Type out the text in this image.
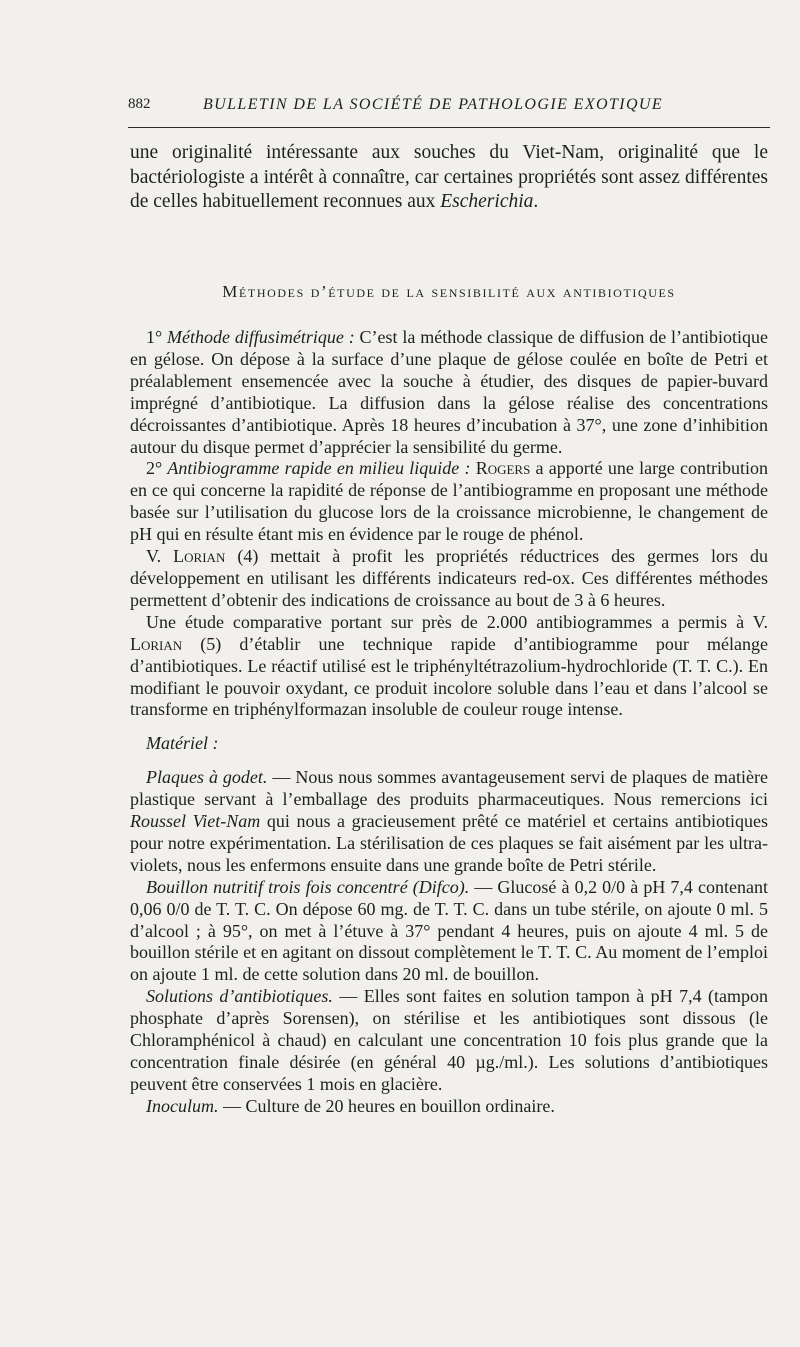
882	BULLETIN DE LA SOCIÉTÉ DE PATHOLOGIE EXOTIQUE

une originalité intéressante aux souches du Viet-Nam, originalité que le bactériologiste a intérêt à connaître, car certaines propriétés sont assez différentes de celles habituellement reconnues aux Escherichia.

Méthodes d’étude de la sensibilité aux antibiotiques

1° Méthode diffusimétrique : C’est la méthode classique de diffusion de l’antibiotique en gélose. On dépose à la surface d’une plaque de gélose coulée en boîte de Petri et préalablement ensemencée avec la souche à étudier, des disques de papier-buvard imprégné d’antibiotique. La diffusion dans la gélose réalise des concentrations décroissantes d’antibiotique. Après 18 heures d’incubation à 37°, une zone d’inhibition autour du disque permet d’apprécier la sensibilité du germe.

2° Antibiogramme rapide en milieu liquide : Rogers a apporté une large contribution en ce qui concerne la rapidité de réponse de l’antibiogramme en proposant une méthode basée sur l’utilisation du glucose lors de la croissance microbienne, le changement de pH qui en résulte étant mis en évidence par le rouge de phénol.

V. Lorian (4) mettait à profit les propriétés réductrices des germes lors du développement en utilisant les différents indicateurs red-ox. Ces différentes méthodes permettent d’obtenir des indications de croissance au bout de 3 à 6 heures.

Une étude comparative portant sur près de 2.000 antibiogrammes a permis à V. Lorian (5) d’établir une technique rapide d’antibiogramme pour mélange d’antibiotiques. Le réactif utilisé est le triphényltétrazolium-hydrochloride (T. T. C.). En modifiant le pouvoir oxydant, ce produit incolore soluble dans l’eau et dans l’alcool se transforme en triphénylformazan insoluble de couleur rouge intense.

Matériel :

Plaques à godet. — Nous nous sommes avantageusement servi de plaques de matière plastique servant à l’emballage des produits pharmaceutiques. Nous remercions ici Roussel Viet-Nam qui nous a gracieusement prêté ce matériel et certains antibiotiques pour notre expérimentation. La stérilisation de ces plaques se fait aisément par les ultra-violets, nous les enfermons ensuite dans une grande boîte de Petri stérile.

Bouillon nutritif trois fois concentré (Difco). — Glucosé à 0,2 0/0 à pH 7,4 contenant 0,06 0/0 de T. T. C. On dépose 60 mg. de T. T. C. dans un tube stérile, on ajoute 0 ml. 5 d’alcool ; à 95°, on met à l’étuve à 37° pendant 4 heures, puis on ajoute 4 ml. 5 de bouillon stérile et en agitant on dissout complètement le T. T. C. Au moment de l’emploi on ajoute 1 ml. de cette solution dans 20 ml. de bouillon.

Solutions d’antibiotiques. — Elles sont faites en solution tampon à pH 7,4 (tampon phosphate d’après Sorensen), on stérilise et les antibiotiques sont dissous (le Chloramphénicol à chaud) en calculant une concentration 10 fois plus grande que la concentration finale désirée (en général 40 µg./ml.). Les solutions d’antibiotiques peuvent être conservées 1 mois en glacière.

Inoculum. — Culture de 20 heures en bouillon ordinaire.
